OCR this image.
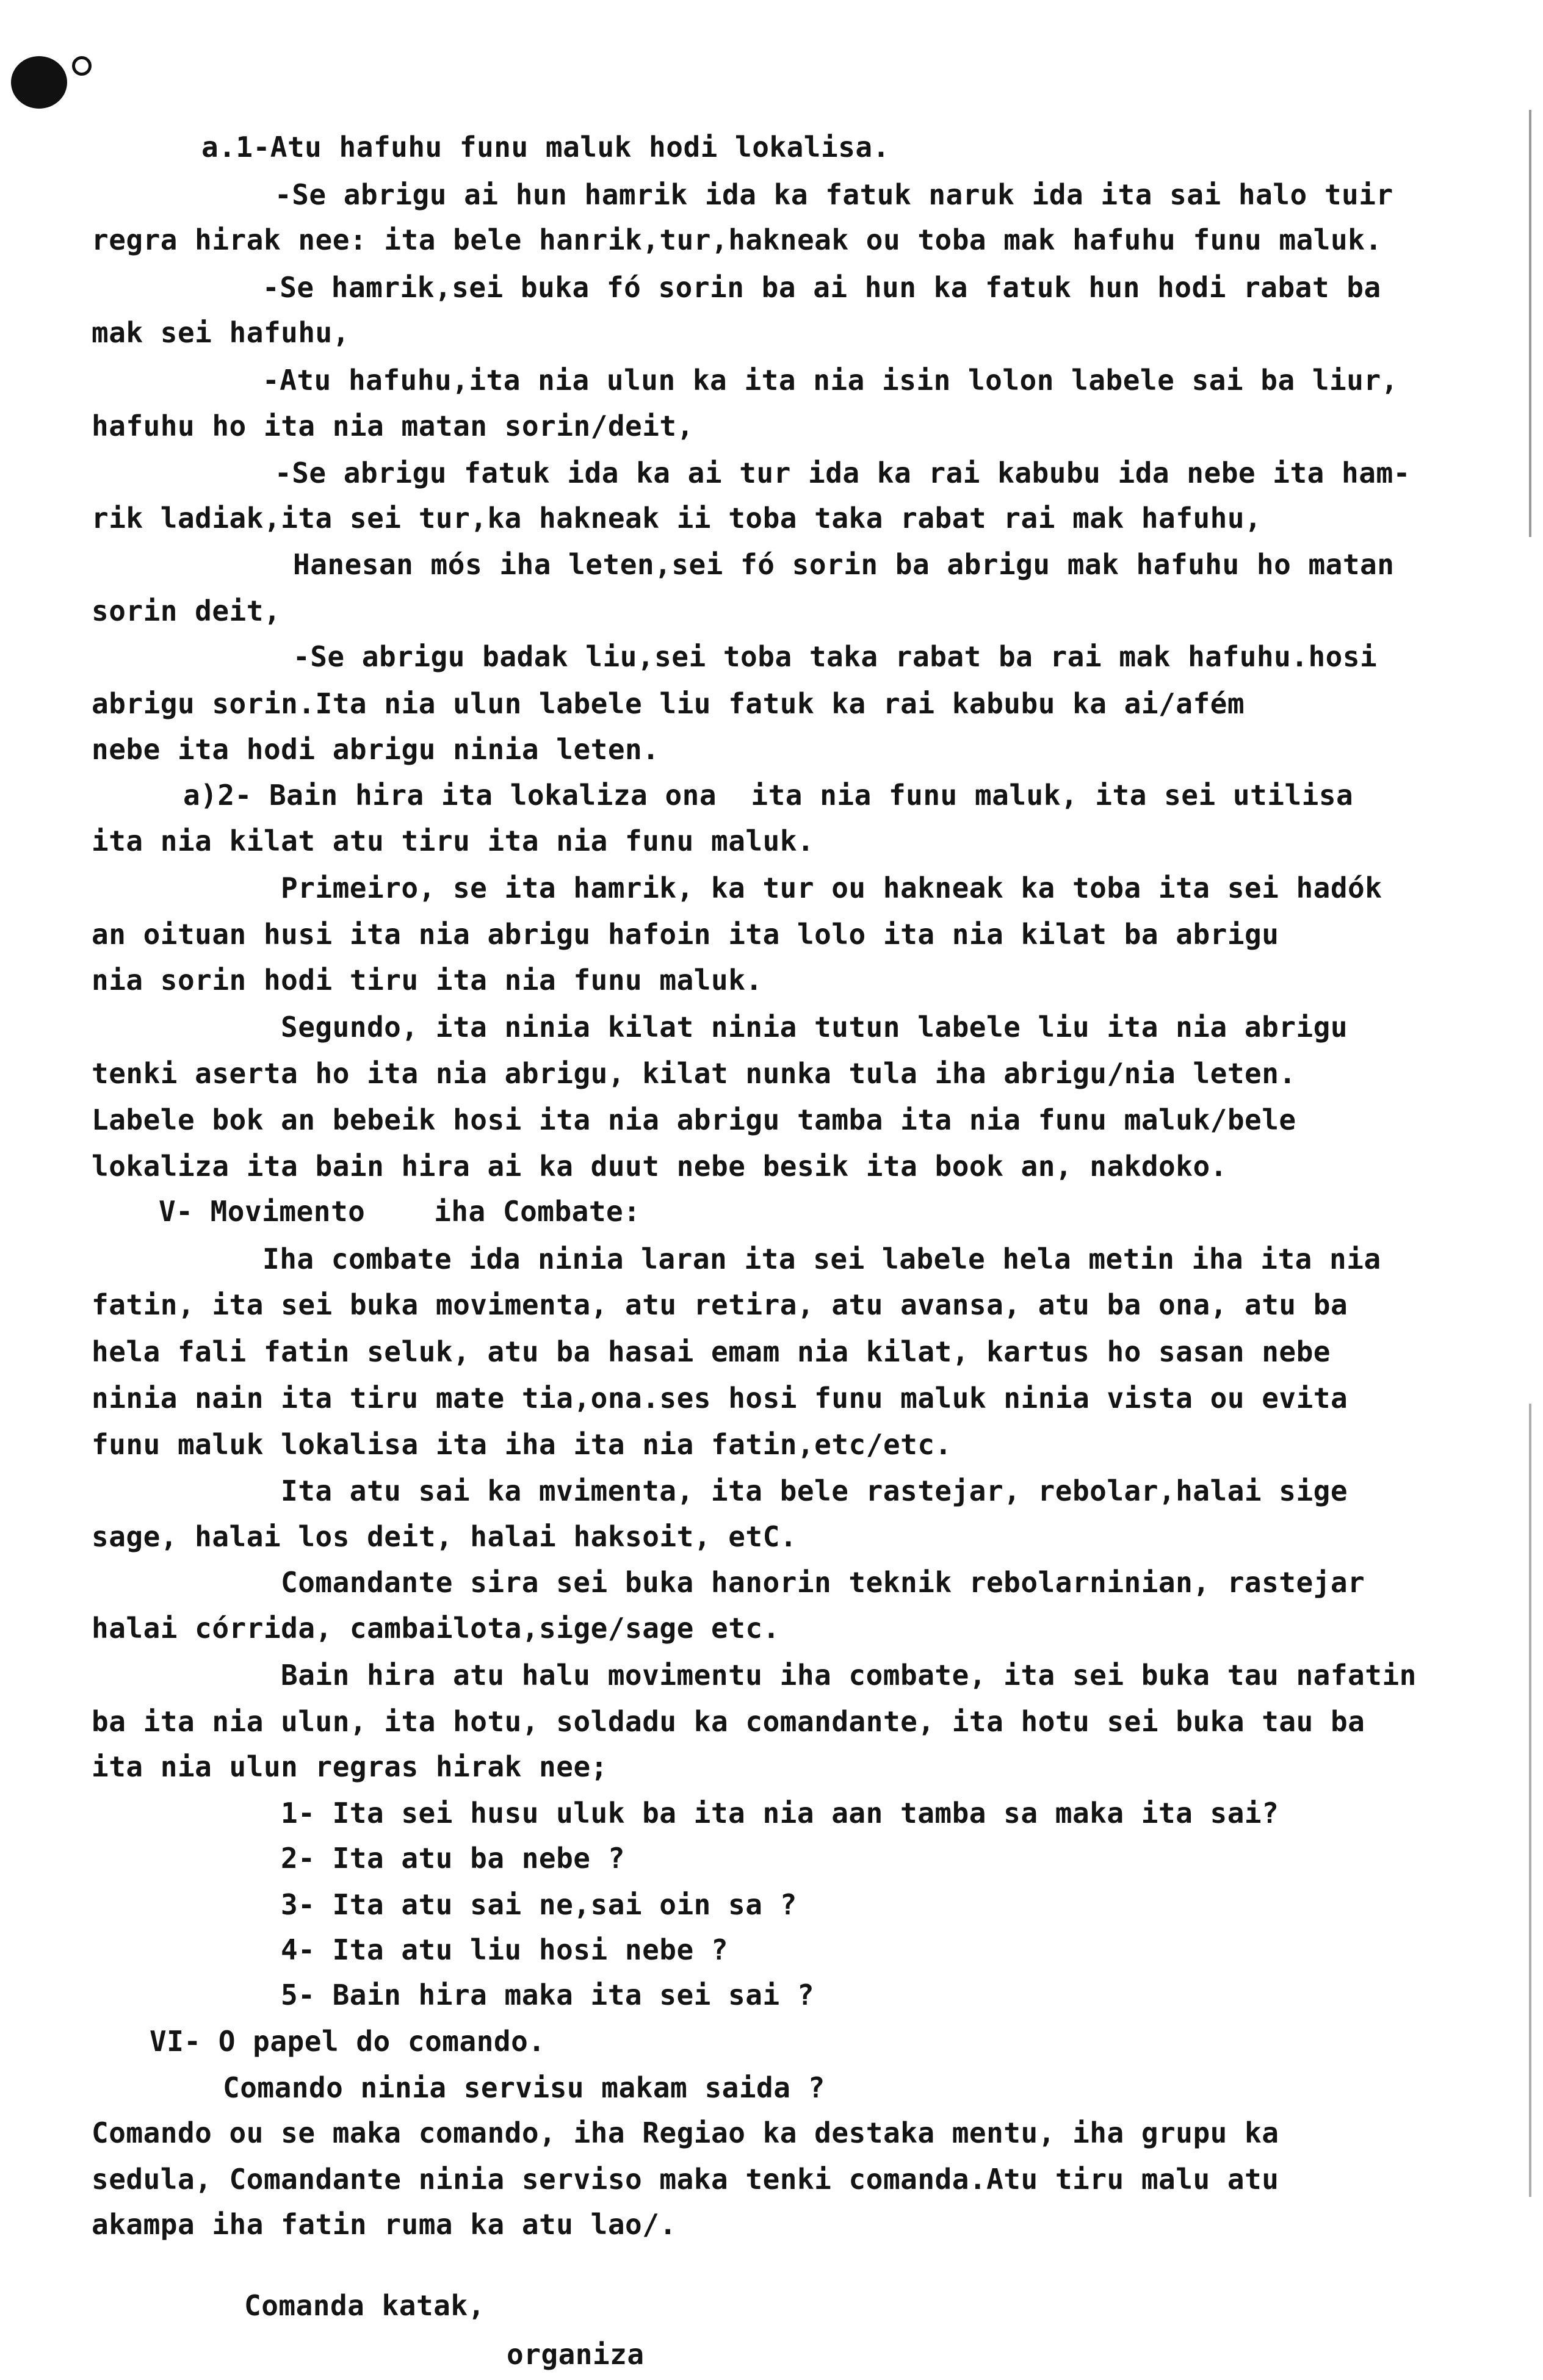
a.1-Atu hafuhu funu maluk hodi lokalisa.
-Se abrigu ai hun hamrik ida ka fatuk naruk ida ita sai halo tuir
regra hirak nee: ita bele hanrik,tur,hakneak ou toba mak hafuhu funu maluk.
-Se hamrik,sei buka fó sorin ba ai hun ka fatuk hun hodi rabat ba
mak sei hafuhu,
-Atu hafuhu,ita nia ulun ka ita nia isin lolon labele sai ba liur,
hafuhu ho ita nia matan sorin/deit,
-Se abrigu fatuk ida ka ai tur ida ka rai kabubu ida nebe ita ham-
rik ladiak,ita sei tur,ka hakneak ii toba taka rabat rai mak hafuhu,
Hanesan mós iha leten,sei fó sorin ba abrigu mak hafuhu ho matan
sorin deit,
-Se abrigu badak liu,sei toba taka rabat ba rai mak hafuhu.hosi
abrigu sorin.Ita nia ulun labele liu fatuk ka rai kabubu ka ai/afém
nebe ita hodi abrigu ninia leten.
a)2- Bain hira ita lokaliza ona  ita nia funu maluk, ita sei utilisa
ita nia kilat atu tiru ita nia funu maluk.
Primeiro, se ita hamrik, ka tur ou hakneak ka toba ita sei hadók
an oituan husi ita nia abrigu hafoin ita lolo ita nia kilat ba abrigu
nia sorin hodi tiru ita nia funu maluk.
Segundo, ita ninia kilat ninia tutun labele liu ita nia abrigu
tenki aserta ho ita nia abrigu, kilat nunka tula iha abrigu/nia leten.
Labele bok an bebeik hosi ita nia abrigu tamba ita nia funu maluk/bele
lokaliza ita bain hira ai ka duut nebe besik ita book an, nakdoko.
V- Movimento    iha Combate:
Iha combate ida ninia laran ita sei labele hela metin iha ita nia
fatin, ita sei buka movimenta, atu retira, atu avansa, atu ba ona, atu ba
hela fali fatin seluk, atu ba hasai emam nia kilat, kartus ho sasan nebe
ninia nain ita tiru mate tia,ona.ses hosi funu maluk ninia vista ou evita
funu maluk lokalisa ita iha ita nia fatin,etc/etc.
Ita atu sai ka mvimenta, ita bele rastejar, rebolar,halai sige
sage, halai los deit, halai haksoit, etC.
Comandante sira sei buka hanorin teknik rebolarninian, rastejar
halai córrida, cambailota,sige/sage etc.
Bain hira atu halu movimentu iha combate, ita sei buka tau nafatin
ba ita nia ulun, ita hotu, soldadu ka comandante, ita hotu sei buka tau ba
ita nia ulun regras hirak nee;
1- Ita sei husu uluk ba ita nia aan tamba sa maka ita sai?
2- Ita atu ba nebe ?
3- Ita atu sai ne,sai oin sa ?
4- Ita atu liu hosi nebe ?
5- Bain hira maka ita sei sai ?
VI- O papel do comando.
Comando ninia servisu makam saida ?
Comando ou se maka comando, iha Regiao ka destaka mentu, iha grupu ka
sedula, Comandante ninia serviso maka tenki comanda.Atu tiru malu atu
akampa iha fatin ruma ka atu lao/.
Comanda katak,
organiza
